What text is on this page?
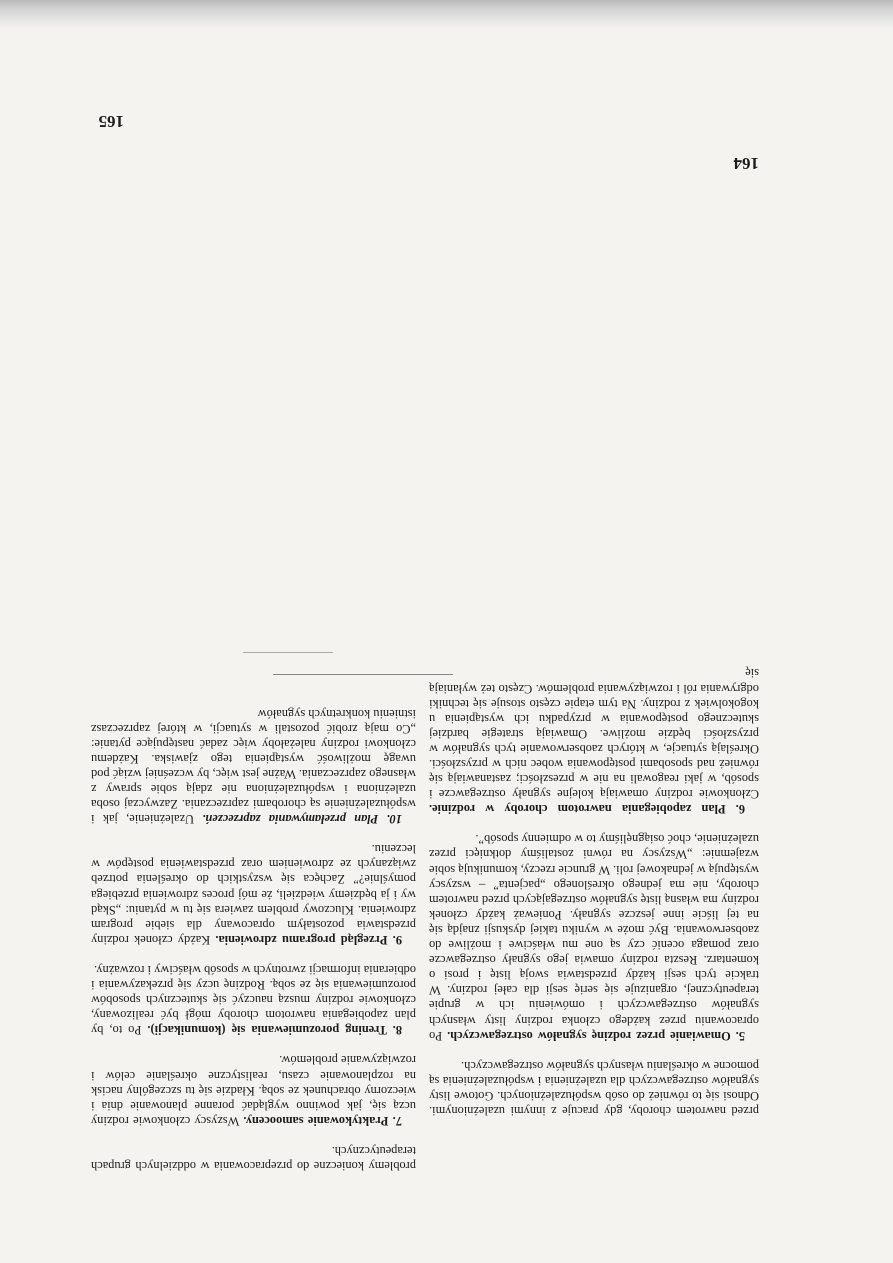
przed nawrotem choroby, gdy pracuje z innymi uzależnionymi. Odnosi się to również do osób współuzależnionych. Gotowe listy sygnałów ostrzegawczych dla uzależnienia i współuzależnienia są pomocne w określaniu własnych sygnałów ostrzegawczych.

5. Omawianie przez rodzinę sygnałów ostrzegawczych. Po opracowaniu przez każdego członka rodziny listy własnych sygnałów ostrzegawczych i omówieniu ich w grupie terapeutycznej, organizuje się serię sesji dla całej rodziny. W trakcie tych sesji każdy przedstawia swoją listę i prosi o komentarz. Reszta rodziny omawia jego sygnały ostrzegawcze oraz pomaga ocenić czy są one mu właściwe i możliwe do zaobserwowania. Być może w wyniku takiej dyskusji znajdą się na tej liście inne jeszcze sygnały. Ponieważ każdy członek rodziny ma własną listę sygnałów ostrzegających przed nawrotem choroby, nie ma jednego określonego „pacjenta” – wszyscy występują w jednakowej roli. W gruncie rzeczy, komunikują sobie wzajemnie: „Wszyscy na równi zostaliśmy dotknięci przez uzależnienie, choć osiągnęliśmy to w odmienny sposób”.

6. Plan zapobiegania nawrotom choroby w rodzinie. Członkowie rodziny omawiają kolejne sygnały ostrzegawcze i sposób, w jaki reagowali na nie w przeszłości; zastanawiają się również nad sposobami postępowania wobec nich w przyszłości. Określają sytuacje, w których zaobserwowanie tych sygnałów w przyszłości będzie możliwe. Omawiają strategie bardziej skutecznego postępowania w przypadku ich wystąpienia u kogokolwiek z rodziny. Na tym etapie często stosuje się techniki odgrywania ról i rozwiązywania problemów. Często też wyłaniają się

problemy konieczne do przepracowania w oddzielnych grupach terapeutycznych.

7. Praktykowanie samooceny. Wszyscy członkowie rodziny uczą się, jak powinno wyglądać poranne planowanie dnia i wieczorny obrachunek ze sobą. Kładzie się tu szczególny nacisk na rozplanowanie czasu, realistyczne określanie celów i rozwiązywanie problemów.

8. Trening porozumiewania się (komunikacji). Po to, by plan zapobiegania nawrotom choroby mógł być realizowany, członkowie rodziny muszą nauczyć się skutecznych sposobów porozumiewania się ze sobą. Rodzinę uczy się przekazywania i odbierania informacji zwrotnych w sposób właściwy i rozważny.

9. Przegląd programu zdrowienia. Każdy członek rodziny przedstawia pozostałym opracowany dla siebie program zdrowienia. Kluczowy problem zawiera się tu w pytaniu: „Skąd wy i ja będziemy wiedzieli, że mój proces zdrowienia przebiega pomyślnie?” Zachęca się wszystkich do określenia potrzeb związanych ze zdrowieniem oraz przedstawienia postępów w leczeniu.

10. Plan przełamywania zaprzeczeń. Uzależnienie, jak i współuzależnienie są chorobami zaprzeczania. Zazwyczaj osoba uzależniona i współuzależniona nie zdają sobie sprawy z własnego zaprzeczania. Ważne jest więc, by wcześniej wziąć pod uwagę możliwość wystąpienia tego zjawiska. Każdemu członkowi rodziny należałoby więc zadać następujące pytanie: „Co mają zrobić pozostali w sytuacji, w której zaprzeczasz istnieniu konkretnych sygnałów

164
165
